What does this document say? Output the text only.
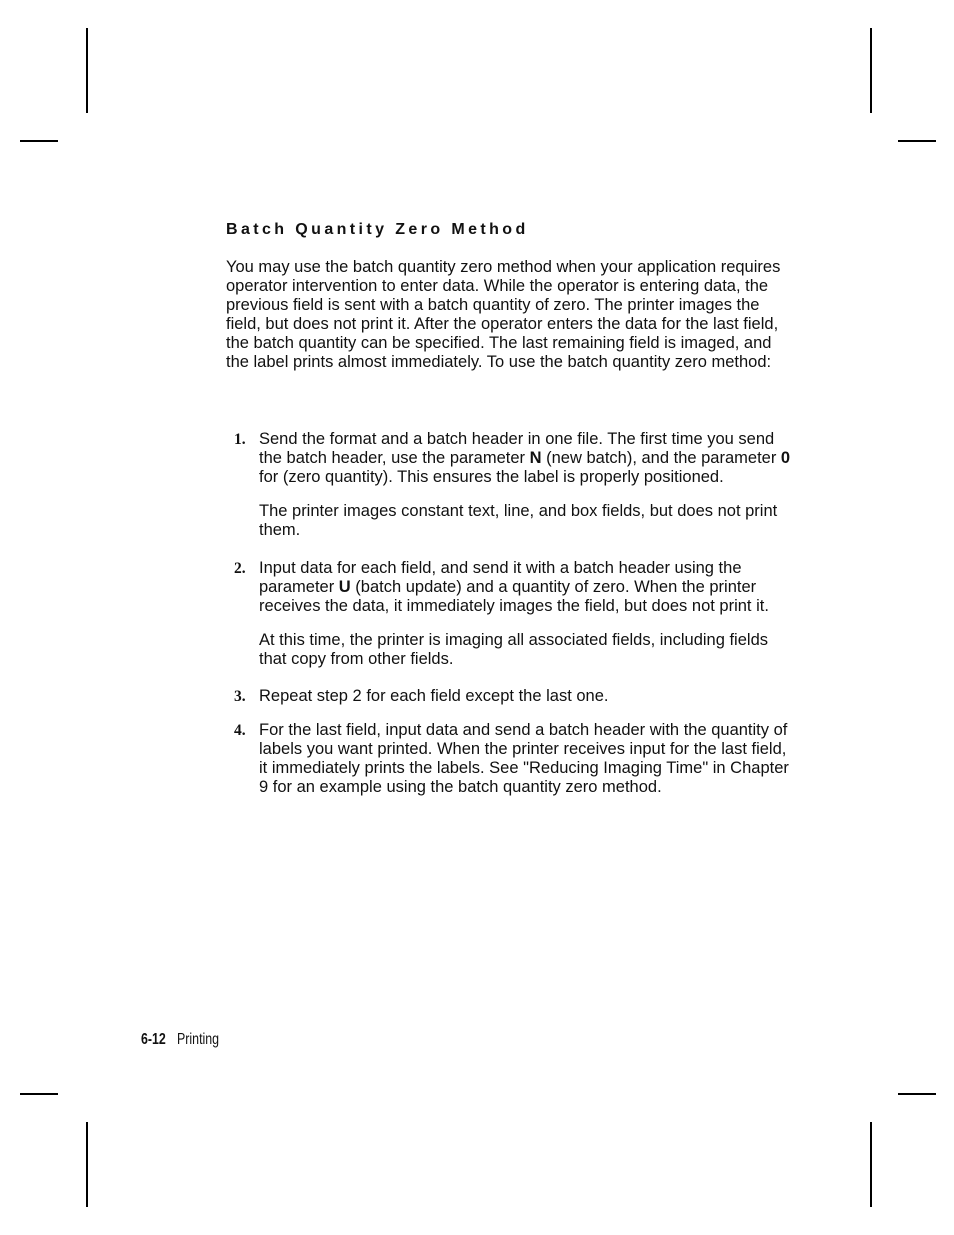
Batch Quantity Zero Method

You may use the batch quantity zero method when your application requires operator intervention to enter data. While the operator is entering data, the previous field is sent with a batch quantity of zero. The printer images the field, but does not print it. After the operator enters the data for the last field, the batch quantity can be specified. The last remaining field is imaged, and the label prints almost immediately. To use the batch quantity zero method:

1. Send the format and a batch header in one file. The first time you send the batch header, use the parameter N (new batch), and the parameter 0 for (zero quantity). This ensures the label is properly positioned.

The printer images constant text, line, and box fields, but does not print them.

2. Input data for each field, and send it with a batch header using the parameter U (batch update) and a quantity of zero. When the printer receives the data, it immediately images the field, but does not print it.

At this time, the printer is imaging all associated fields, including fields that copy from other fields.

3. Repeat step 2 for each field except the last one.

4. For the last field, input data and send a batch header with the quantity of labels you want printed. When the printer receives input for the last field, it immediately prints the labels. See "Reducing Imaging Time" in Chapter 9 for an example using the batch quantity zero method.

6-12 Printing
